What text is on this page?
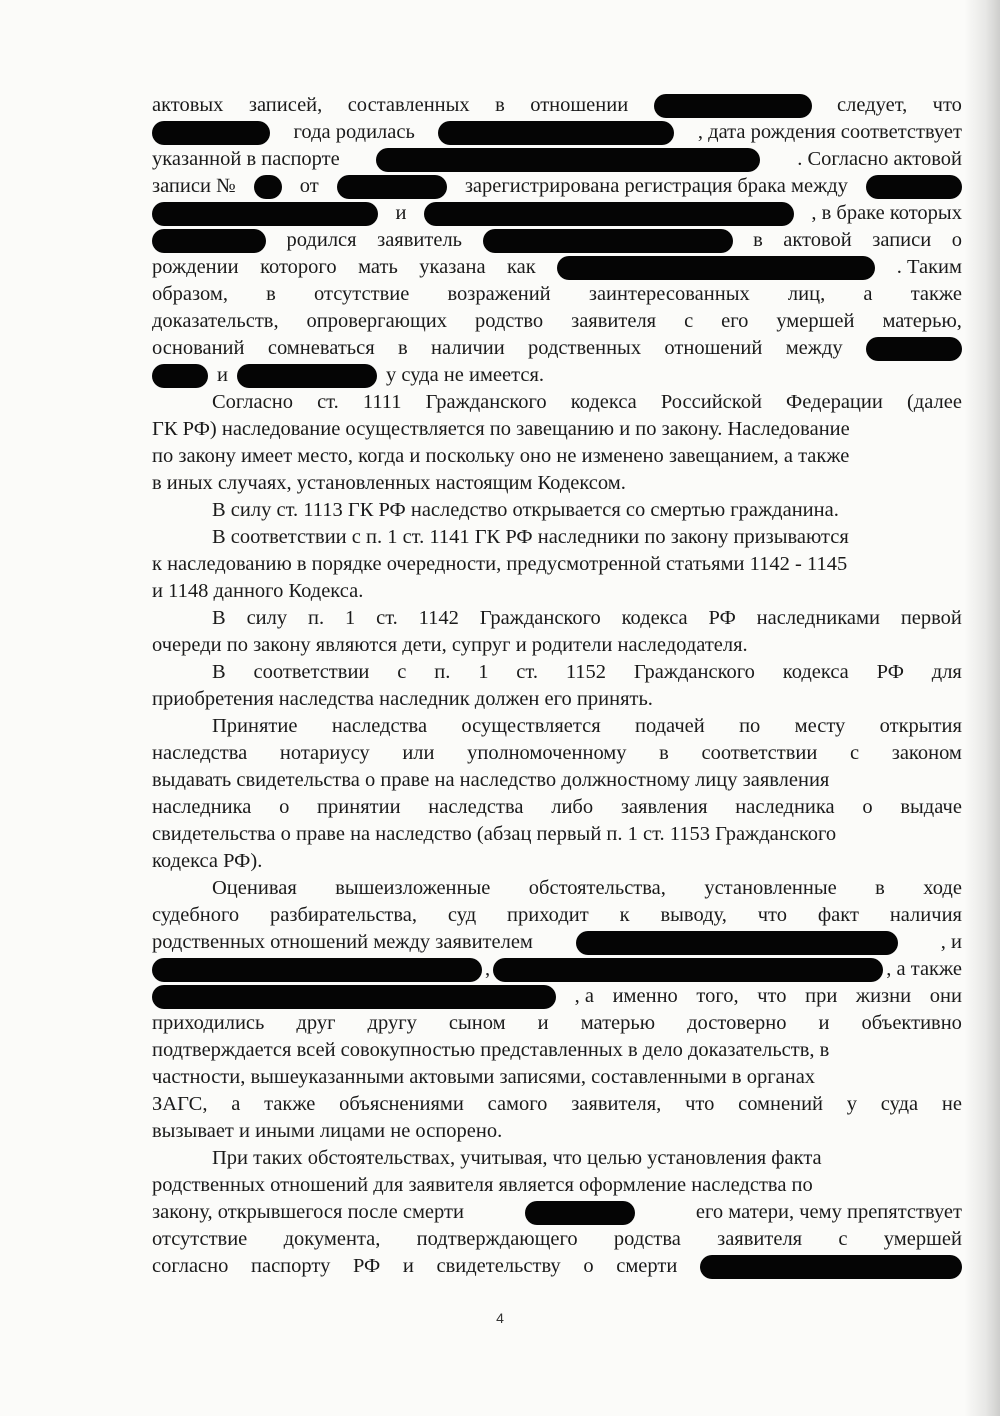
актовых записей, составленных в отношении	следует, что
года родилась	, дата рождения соответствует
указанной в паспорте	. Согласно актовой
записи №	от	зарегистрирована регистрация брака между
и	, в браке которых
родился заявитель	в актовой записи о
рождении которого мать указана как	. Таким
образом, в отсутствие возражений заинтересованных лиц, а также
доказательств, опровергающих родство заявителя с его умершей матерью,
оснований сомневаться в наличии родственных отношений между
и	у суда не имеется.
Согласно ст. 1111 Гражданского кодекса Российской Федерации (далее
ГК РФ) наследование осуществляется по завещанию и по закону. Наследование
по закону имеет место, когда и поскольку оно не изменено завещанием, а также
в иных случаях, установленных настоящим Кодексом.
В силу ст. 1113 ГК РФ наследство открывается со смертью гражданина.
В соответствии с п. 1 ст. 1141 ГК РФ наследники по закону призываются
к наследованию в порядке очередности, предусмотренной статьями 1142 - 1145
и 1148 данного Кодекса.
В силу п. 1 ст. 1142 Гражданского кодекса РФ наследниками первой
очереди по закону являются дети, супруг и родители наследодателя.
В соответствии с п. 1 ст. 1152 Гражданского кодекса РФ для
приобретения наследства наследник должен его принять.
Принятие наследства осуществляется подачей по месту открытия
наследства нотариусу или уполномоченному в соответствии с законом
выдавать свидетельства о праве на наследство должностному лицу заявления
наследника о принятии наследства либо заявления наследника о выдаче
свидетельства о праве на наследство (абзац первый п. 1 ст. 1153 Гражданского
кодекса РФ).
Оценивая вышеизложенные обстоятельства, установленные в ходе
судебного разбирательства, суд приходит к выводу, что факт наличия
родственных отношений между заявителем	, и
,	, а также
, а именно того, что при жизни они
приходились друг другу сыном и матерью достоверно и объективно
подтверждается всей совокупностью представленных в дело доказательств, в
частности, вышеуказанными актовыми записями, составленными в органах
ЗАГС, а также объяснениями самого заявителя, что сомнений у суда не
вызывает и иными лицами не оспорено.
При таких обстоятельствах, учитывая, что целью установления факта
родственных отношений для заявителя является оформление наследства по
закону, открывшегося после смерти	его матери, чему препятствует
отсутствие документа, подтверждающего родства заявителя с умершей
согласно паспорту РФ и свидетельству о смерти
4
